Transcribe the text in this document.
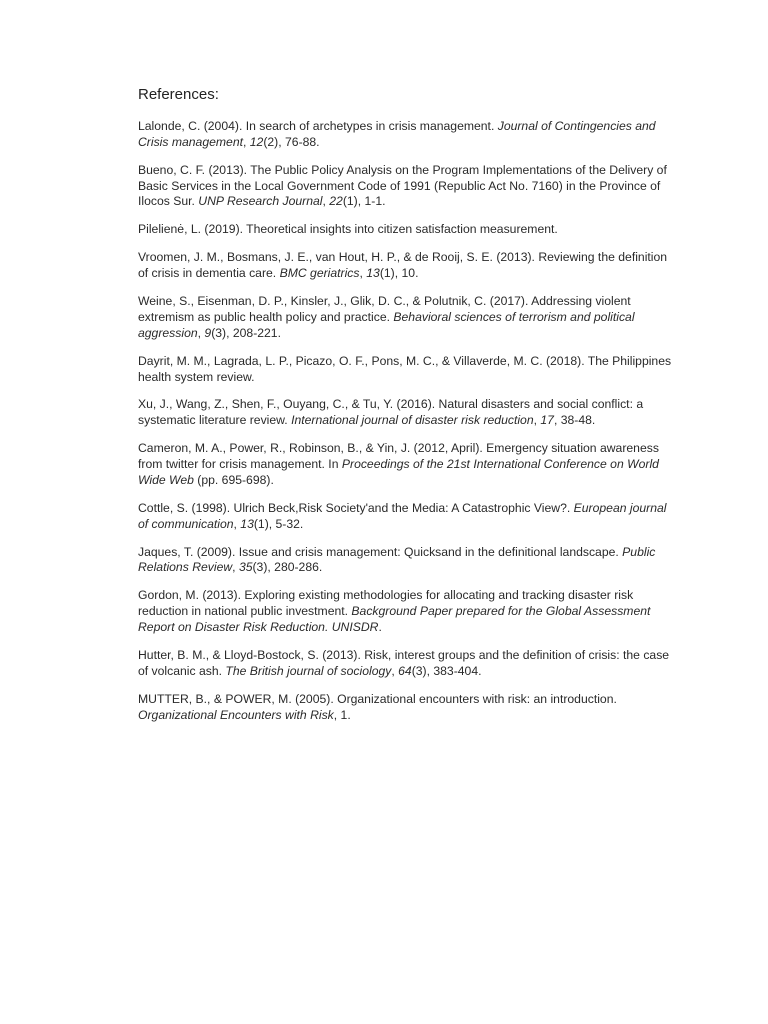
References:

Lalonde, C. (2004). In search of archetypes in crisis management. Journal of Contingencies and Crisis management, 12(2), 76-88.

Bueno, C. F. (2013). The Public Policy Analysis on the Program Implementations of the Delivery of Basic Services in the Local Government Code of 1991 (Republic Act No. 7160) in the Province of Ilocos Sur. UNP Research Journal, 22(1), 1-1.

Pilelienė, L. (2019). Theoretical insights into citizen satisfaction measurement.

Vroomen, J. M., Bosmans, J. E., van Hout, H. P., & de Rooij, S. E. (2013). Reviewing the definition of crisis in dementia care. BMC geriatrics, 13(1), 10.

Weine, S., Eisenman, D. P., Kinsler, J., Glik, D. C., & Polutnik, C. (2017). Addressing violent extremism as public health policy and practice. Behavioral sciences of terrorism and political aggression, 9(3), 208-221.

Dayrit, M. M., Lagrada, L. P., Picazo, O. F., Pons, M. C., & Villaverde, M. C. (2018). The Philippines health system review.

Xu, J., Wang, Z., Shen, F., Ouyang, C., & Tu, Y. (2016). Natural disasters and social conflict: a systematic literature review. International journal of disaster risk reduction, 17, 38-48.

Cameron, M. A., Power, R., Robinson, B., & Yin, J. (2012, April). Emergency situation awareness from twitter for crisis management. In Proceedings of the 21st International Conference on World Wide Web (pp. 695-698).

Cottle, S. (1998). Ulrich Beck,Risk Society'and the Media: A Catastrophic View?. European journal of communication, 13(1), 5-32.

Jaques, T. (2009). Issue and crisis management: Quicksand in the definitional landscape. Public Relations Review, 35(3), 280-286.

Gordon, M. (2013). Exploring existing methodologies for allocating and tracking disaster risk reduction in national public investment. Background Paper prepared for the Global Assessment Report on Disaster Risk Reduction. UNISDR.

Hutter, B. M., & Lloyd-Bostock, S. (2013). Risk, interest groups and the definition of crisis: the case of volcanic ash. The British journal of sociology, 64(3), 383-404.

MUTTER, B., & POWER, M. (2005). Organizational encounters with risk: an introduction. Organizational Encounters with Risk, 1.
